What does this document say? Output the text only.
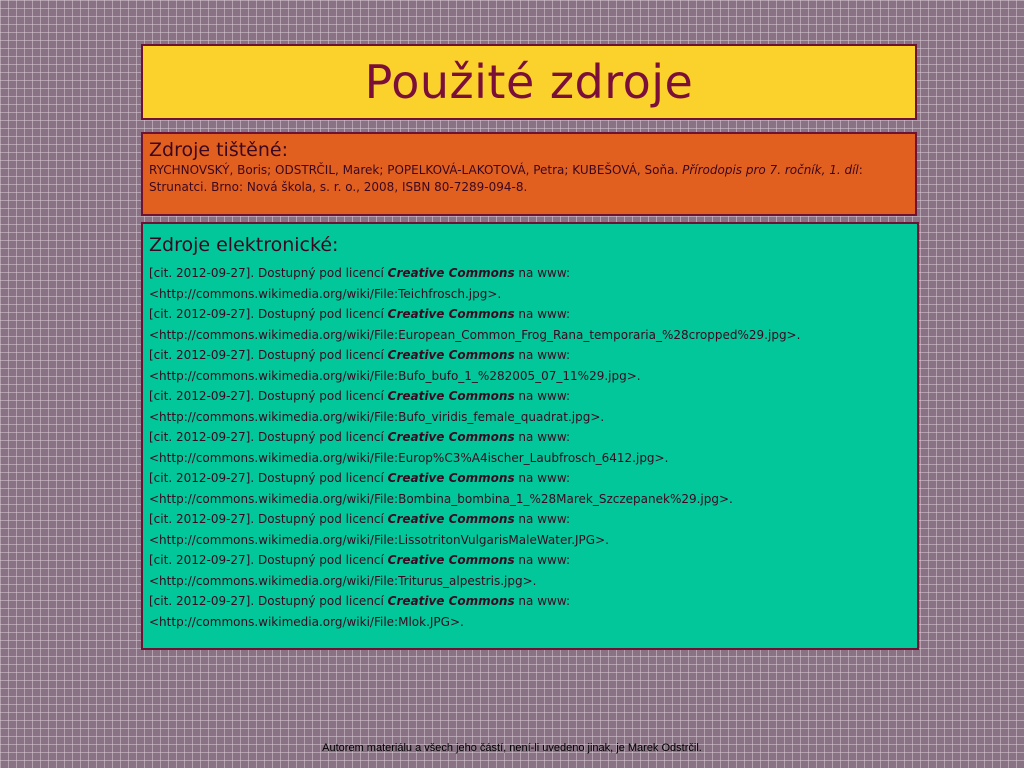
Použité zdroje
Zdroje tištěné:
RYCHNOVSKÝ, Boris; ODSTRČIL, Marek; POPELKOVÁ-LAKOTOVÁ, Petra; KUBEŠOVÁ, Soňa. Přírodopis pro 7. ročník, 1. díl: Strunatci. Brno: Nová škola, s. r. o., 2008, ISBN 80-7289-094-8.
Zdroje elektronické:
[cit. 2012-09-27]. Dostupný pod licencí Creative Commons na www:
<http://commons.wikimedia.org/wiki/File:Teichfrosch.jpg>.
[cit. 2012-09-27]. Dostupný pod licencí Creative Commons na www:
<http://commons.wikimedia.org/wiki/File:European_Common_Frog_Rana_temporaria_%28cropped%29.jpg>.
[cit. 2012-09-27]. Dostupný pod licencí Creative Commons na www:
<http://commons.wikimedia.org/wiki/File:Bufo_bufo_1_%282005_07_11%29.jpg>.
[cit. 2012-09-27]. Dostupný pod licencí Creative Commons na www:
<http://commons.wikimedia.org/wiki/File:Bufo_viridis_female_quadrat.jpg>.
[cit. 2012-09-27]. Dostupný pod licencí Creative Commons na www:
<http://commons.wikimedia.org/wiki/File:Europ%C3%A4ischer_Laubfrosch_6412.jpg>.
[cit. 2012-09-27]. Dostupný pod licencí Creative Commons na www:
<http://commons.wikimedia.org/wiki/File:Bombina_bombina_1_%28Marek_Szczepanek%29.jpg>.
[cit. 2012-09-27]. Dostupný pod licencí Creative Commons na www:
<http://commons.wikimedia.org/wiki/File:LissotritonVulgarisMaleWater.JPG>.
[cit. 2012-09-27]. Dostupný pod licencí Creative Commons na www:
<http://commons.wikimedia.org/wiki/File:Triturus_alpestris.jpg>.
[cit. 2012-09-27]. Dostupný pod licencí Creative Commons na www:
<http://commons.wikimedia.org/wiki/File:Mlok.JPG>.
Autorem materiálu a všech jeho částí, není-li uvedeno jinak, je Marek Odstrčil.
